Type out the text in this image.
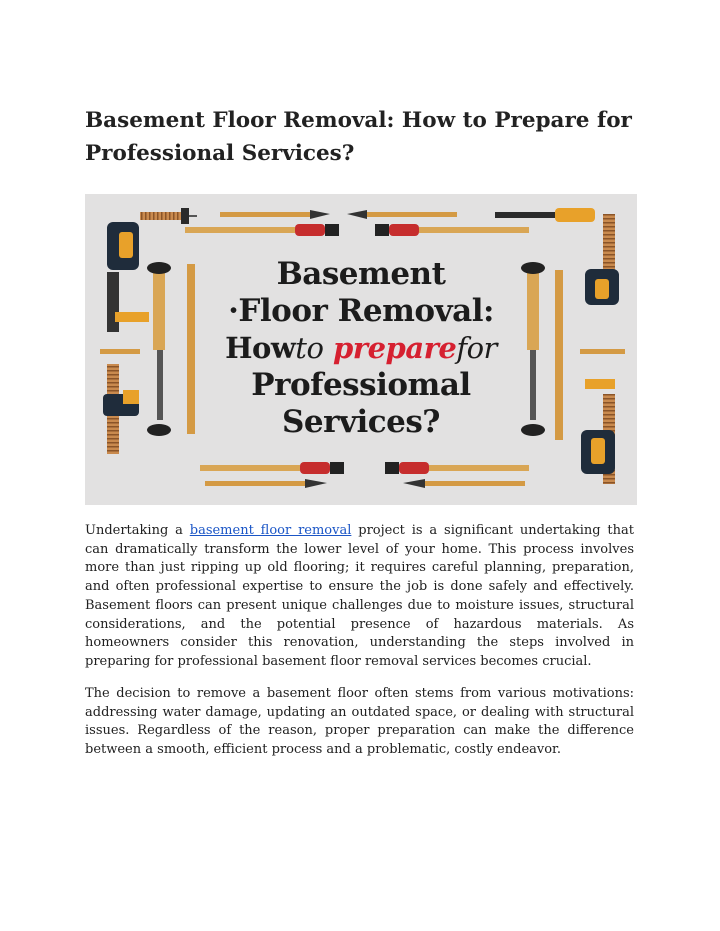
Basement Floor Removal: How to Prepare for Professional Services?
Basement
·Floor Removal:
Howto preparefor
Professiomal
Services?

Undertaking a basement floor removal project is a significant undertaking that can dramatically transform the lower level of your home. This process involves more than just ripping up old flooring; it requires careful planning, preparation, and often professional expertise to ensure the job is done safely and effectively. Basement floors can present unique challenges due to moisture issues, structural considerations, and the potential presence of hazardous materials. As homeowners consider this renovation, understanding the steps involved in preparing for professional basement floor removal services becomes crucial.

The decision to remove a basement floor often stems from various motivations: addressing water damage, updating an outdated space, or dealing with structural issues. Regardless of the reason, proper preparation can make the difference between a smooth, efficient process and a problematic, costly endeavor.
